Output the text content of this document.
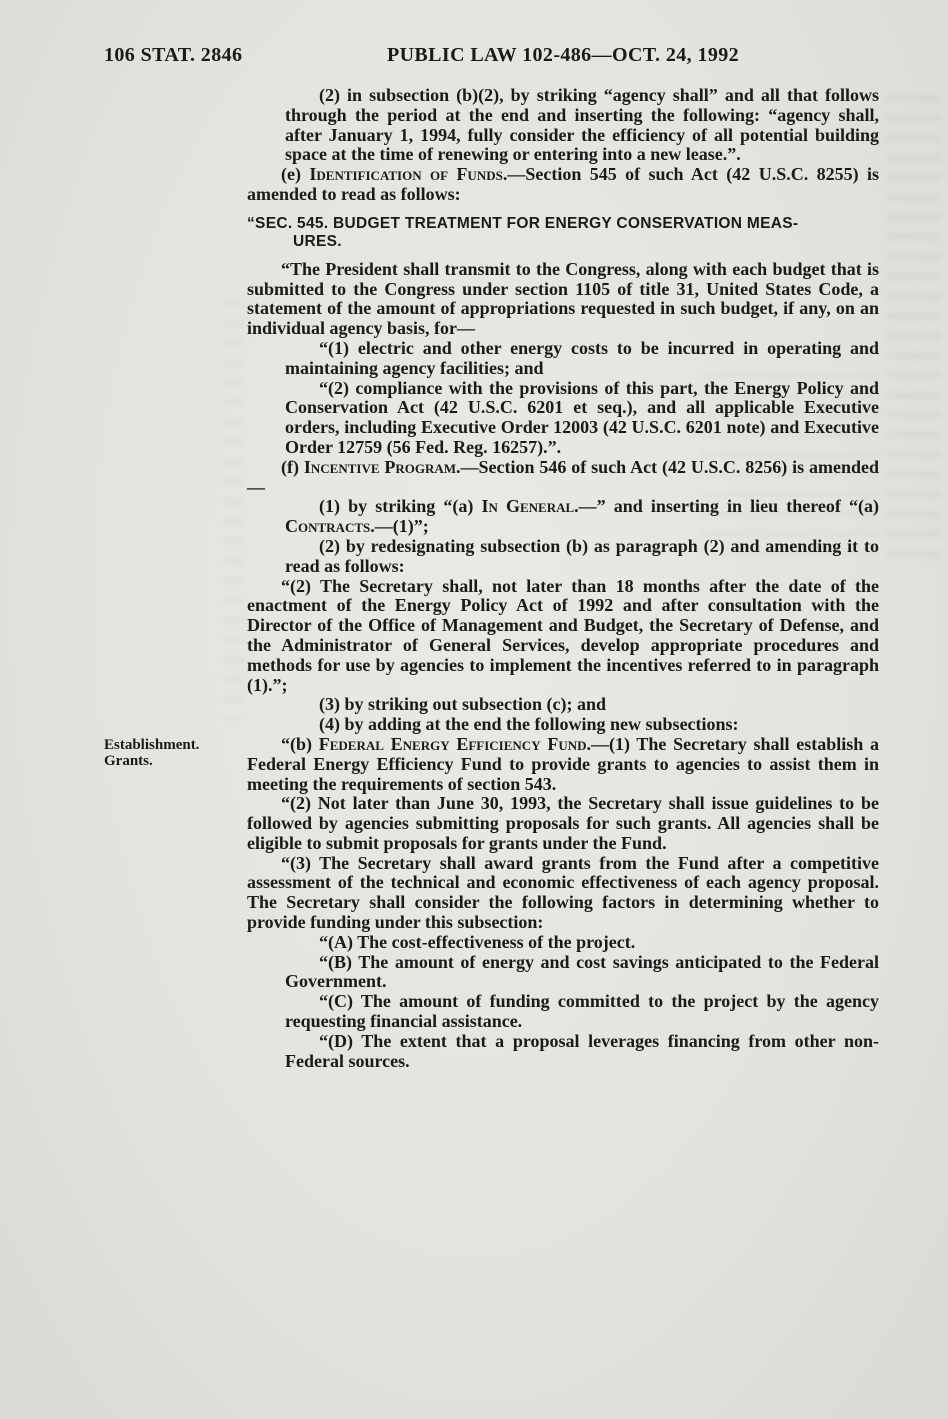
106 STAT. 2846	PUBLIC LAW 102-486—OCT. 24, 1992

(2) in subsection (b)(2), by striking “agency shall” and all that follows through the period at the end and inserting the following: “agency shall, after January 1, 1994, fully consider the efficiency of all potential building space at the time of renewing or entering into a new lease.”.

(e) Identification of Funds.—Section 545 of such Act (42 U.S.C. 8255) is amended to read as follows:

“SEC. 545. BUDGET TREATMENT FOR ENERGY CONSERVATION MEAS-
URES.

“The President shall transmit to the Congress, along with each budget that is submitted to the Congress under section 1105 of title 31, United States Code, a statement of the amount of appropriations requested in such budget, if any, on an individual agency basis, for—

“(1) electric and other energy costs to be incurred in operating and maintaining agency facilities; and

“(2) compliance with the provisions of this part, the Energy Policy and Conservation Act (42 U.S.C. 6201 et seq.), and all applicable Executive orders, including Executive Order 12003 (42 U.S.C. 6201 note) and Executive Order 12759 (56 Fed. Reg. 16257).”.

(f) Incentive Program.—Section 546 of such Act (42 U.S.C. 8256) is amended—

(1) by striking “(a) In General.—” and inserting in lieu thereof “(a) Contracts.—(1)”;

(2) by redesignating subsection (b) as paragraph (2) and amending it to read as follows:

“(2) The Secretary shall, not later than 18 months after the date of the enactment of the Energy Policy Act of 1992 and after consultation with the Director of the Office of Management and Budget, the Secretary of Defense, and the Administrator of General Services, develop appropriate procedures and methods for use by agencies to implement the incentives referred to in paragraph (1).”;

(3) by striking out subsection (c); and

(4) by adding at the end the following new subsections:

“(b) Federal Energy Efficiency Fund.—(1) The Secretary shall establish a Federal Energy Efficiency Fund to provide grants to agencies to assist them in meeting the requirements of section 543.
Establishment.
Grants.

“(2) Not later than June 30, 1993, the Secretary shall issue guidelines to be followed by agencies submitting proposals for such grants. All agencies shall be eligible to submit proposals for grants under the Fund.

“(3) The Secretary shall award grants from the Fund after a competitive assessment of the technical and economic effectiveness of each agency proposal. The Secretary shall consider the following factors in determining whether to provide funding under this subsection:

“(A) The cost-effectiveness of the project.

“(B) The amount of energy and cost savings anticipated to the Federal Government.

“(C) The amount of funding committed to the project by the agency requesting financial assistance.

“(D) The extent that a proposal leverages financing from other non-Federal sources.
